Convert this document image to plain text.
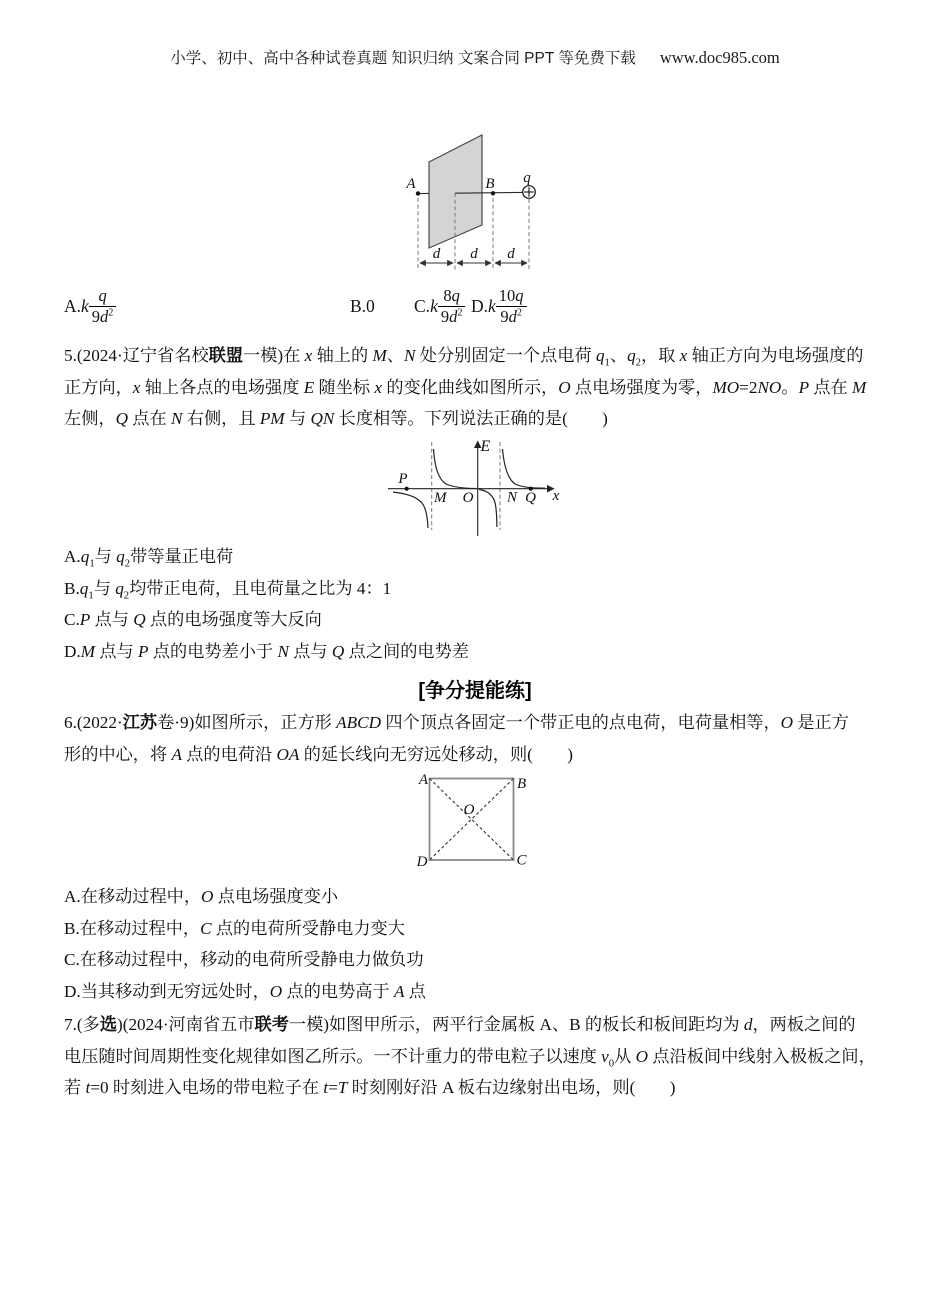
小学、初中、高中各种试卷真题 知识归纳 文案合同 PPT 等免费下载 www.doc985.com
A	B q
d d d
$A.k \frac{q}{9d^2}$	B.0 $C.k \frac{8q}{9d^2} D.k \frac{10q}{9d^2}$
5.(2024·辽宁省名校联盟一模)在 x 轴上的 M、N 处分别固定一个点电荷 $q_1$、$q_2$，取 x 轴正方向为电场强度的
正方向，x 轴上各点的电场强度 E 随坐标 x 的变化曲线如图所示，O 点电场强度为零，MO=2NO。P 点在 M
左侧，Q 点在 N 右侧，且 PM 与 QN 长度相等。下列说法正确的是(　　)
P
M O N Q x
E
$A.q_1$与 $q_2$带等量正电荷
$B.q_1$与 $q_2$均带正电荷，且电荷量之比为 4：1
C.P 点与 Q 点的电场强度等大反向
D.M 点与 P 点的电势差小于 N 点与 Q 点之间的电势差
[争分提能练]
6.(2022·江苏卷·9)如图所示，正方形 ABCD 四个顶点各固定一个带正电的点电荷，电荷量相等，O 是正方
形的中心，将 A 点的电荷沿 OA 的延长线向无穷远处移动，则(　　)
A	B
C
D
O
A.在移动过程中，O 点电场强度变小
B.在移动过程中，C 点的电荷所受静电力变大
C.在移动过程中，移动的电荷所受静电力做负功
D.当其移动到无穷远处时，O 点的电势高于 A 点
7.(多选)(2024·河南省五市联考一模)如图甲所示，两平行金属板 A、B 的板长和板间距均为 d，两板之间的
电压随时间周期性变化规律如图乙所示。一不计重力的带电粒子以速度 $v_0$从 O 点沿板间中线射入极板之间，
若 t=0 时刻进入电场的带电粒子在 t=T 时刻刚好沿 A 板右边缘射出电场，则(　　)
